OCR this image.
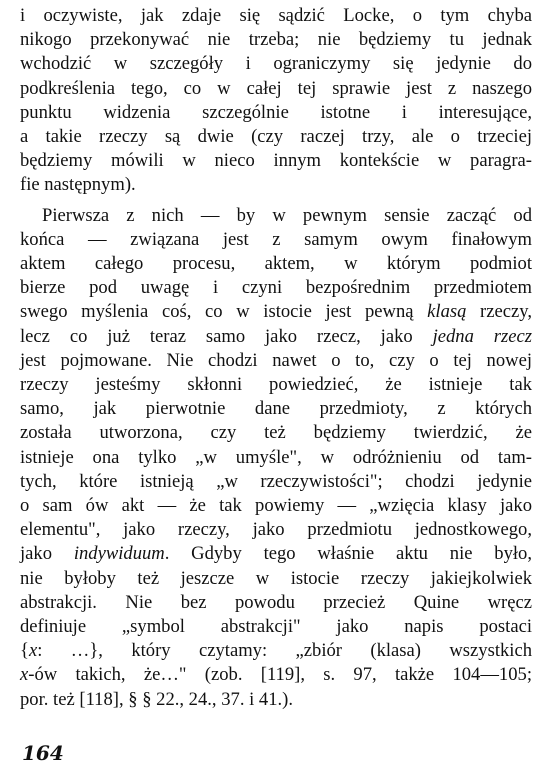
i oczywiste, jak zdaje się sądzić Locke, o tym chyba
nikogo przekonywać nie trzeba; nie będziemy tu jednak
wchodzić w szczegóły i ograniczymy się jedynie do
podkreślenia tego, co w całej tej sprawie jest z naszego
punktu widzenia szczególnie istotne i interesujące,
a takie rzeczy są dwie (czy raczej trzy, ale o trzeciej
będziemy mówili w nieco innym kontekście w paragra-
fie następnym).
Pierwsza z nich — by w pewnym sensie zacząć od
końca — związana jest z samym owym finałowym
aktem całego procesu, aktem, w którym podmiot
bierze pod uwagę i czyni bezpośrednim przedmiotem
swego myślenia coś, co w istocie jest pewną klasą rzeczy,
lecz co już teraz samo jako rzecz, jako jedna rzecz
jest pojmowane. Nie chodzi nawet o to, czy o tej nowej
rzeczy jesteśmy skłonni powiedzieć, że istnieje tak
samo, jak pierwotnie dane przedmioty, z których
została utworzona, czy też będziemy twierdzić, że
istnieje ona tylko „w umyśle", w odróżnieniu od tam-
tych, które istnieją „w rzeczywistości"; chodzi jedynie
o sam ów akt — że tak powiemy — „wzięcia klasy jako
elementu", jako rzeczy, jako przedmiotu jednostkowego,
jako indywiduum. Gdyby tego właśnie aktu nie było,
nie byłoby też jeszcze w istocie rzeczy jakiejkolwiek
abstrakcji. Nie bez powodu przecież Quine wręcz
definiuje „symbol abstrakcji" jako napis postaci
{x: …}, który czytamy: „zbiór (klasa) wszystkich
164
x-ów takich, że…" (zob. [119], s. 97, także 104—105;
por. też [118], § § 22., 24., 37. i 41.).
